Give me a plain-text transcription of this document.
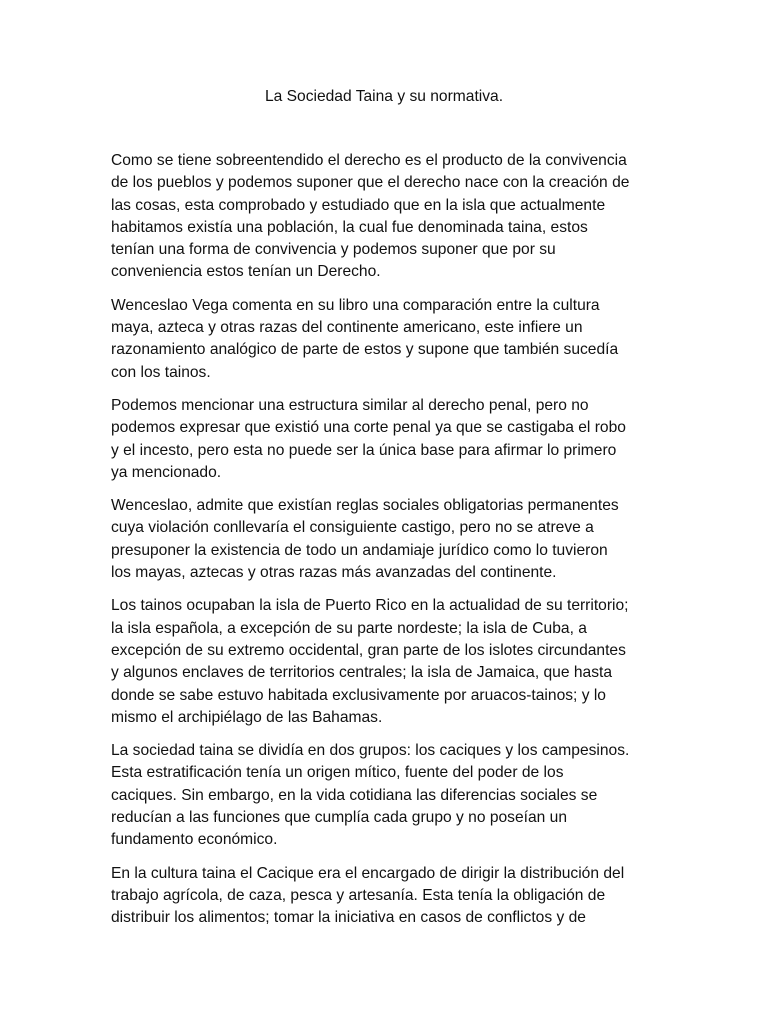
La Sociedad Taina y su normativa.

Como se tiene sobreentendido el derecho es el producto de la convivencia
de los pueblos y podemos suponer que el derecho nace con la creación de
las cosas, esta comprobado y estudiado que en la isla que actualmente
habitamos existía una población, la cual fue denominada taina, estos
tenían una forma de convivencia y podemos suponer que por su
conveniencia estos tenían un Derecho.

Wenceslao Vega comenta en su libro una comparación entre la cultura
maya, azteca y otras razas del continente americano, este infiere un
razonamiento analógico de parte de estos y supone que también sucedía
con los tainos.

Podemos mencionar una estructura similar al derecho penal, pero no
podemos expresar que existió una corte penal ya que se castigaba el robo
y el incesto, pero esta no puede ser la única base para afirmar lo primero
ya mencionado.

Wenceslao, admite que existían reglas sociales obligatorias permanentes
cuya violación conllevaría el consiguiente castigo, pero no se atreve a
presuponer la existencia de todo un andamiaje jurídico como lo tuvieron
los mayas, aztecas y otras razas más avanzadas del continente.

Los tainos ocupaban la isla de Puerto Rico en la actualidad de su territorio;
la isla española, a excepción de su parte nordeste; la isla de Cuba, a
excepción de su extremo occidental, gran parte de los islotes circundantes
y algunos enclaves de territorios centrales; la isla de Jamaica, que hasta
donde se sabe estuvo habitada exclusivamente por aruacos-tainos; y lo
mismo el archipiélago de las Bahamas.

La sociedad taina se dividía en dos grupos: los caciques y los campesinos.
Esta estratificación tenía un origen mítico, fuente del poder de los
caciques. Sin embargo, en la vida cotidiana las diferencias sociales se
reducían a las funciones que cumplía cada grupo y no poseían un
fundamento económico.

En la cultura taina el Cacique era el encargado de dirigir la distribución del
trabajo agrícola, de caza, pesca y artesanía. Esta tenía la obligación de
distribuir los alimentos; tomar la iniciativa en casos de conflictos y de
